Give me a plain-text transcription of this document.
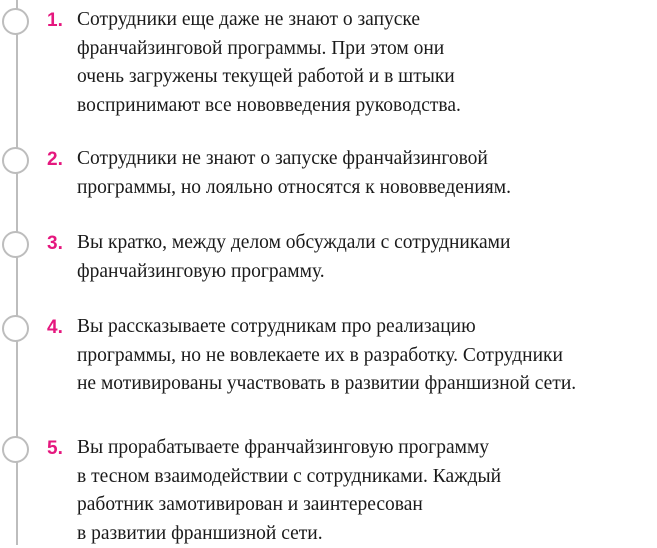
1. Сотрудники еще даже не знают о запуске
франчайзинговой программы. При этом они
очень загружены текущей работой и в штыки
воспринимают все нововведения руководства.
2. Сотрудники не знают о запуске франчайзинговой
программы, но лояльно относятся к нововведениям.
3. Вы кратко, между делом обсуждали с сотрудниками
франчайзинговую программу.
4. Вы рассказываете сотрудникам про реализацию
программы, но не вовлекаете их в разработку. Сотрудники
не мотивированы участвовать в развитии франшизной сети.
5. Вы прорабатываете франчайзинговую программу
в тесном взаимодействии с сотрудниками. Каждый
работник замотивирован и заинтересован
в развитии франшизной сети.
